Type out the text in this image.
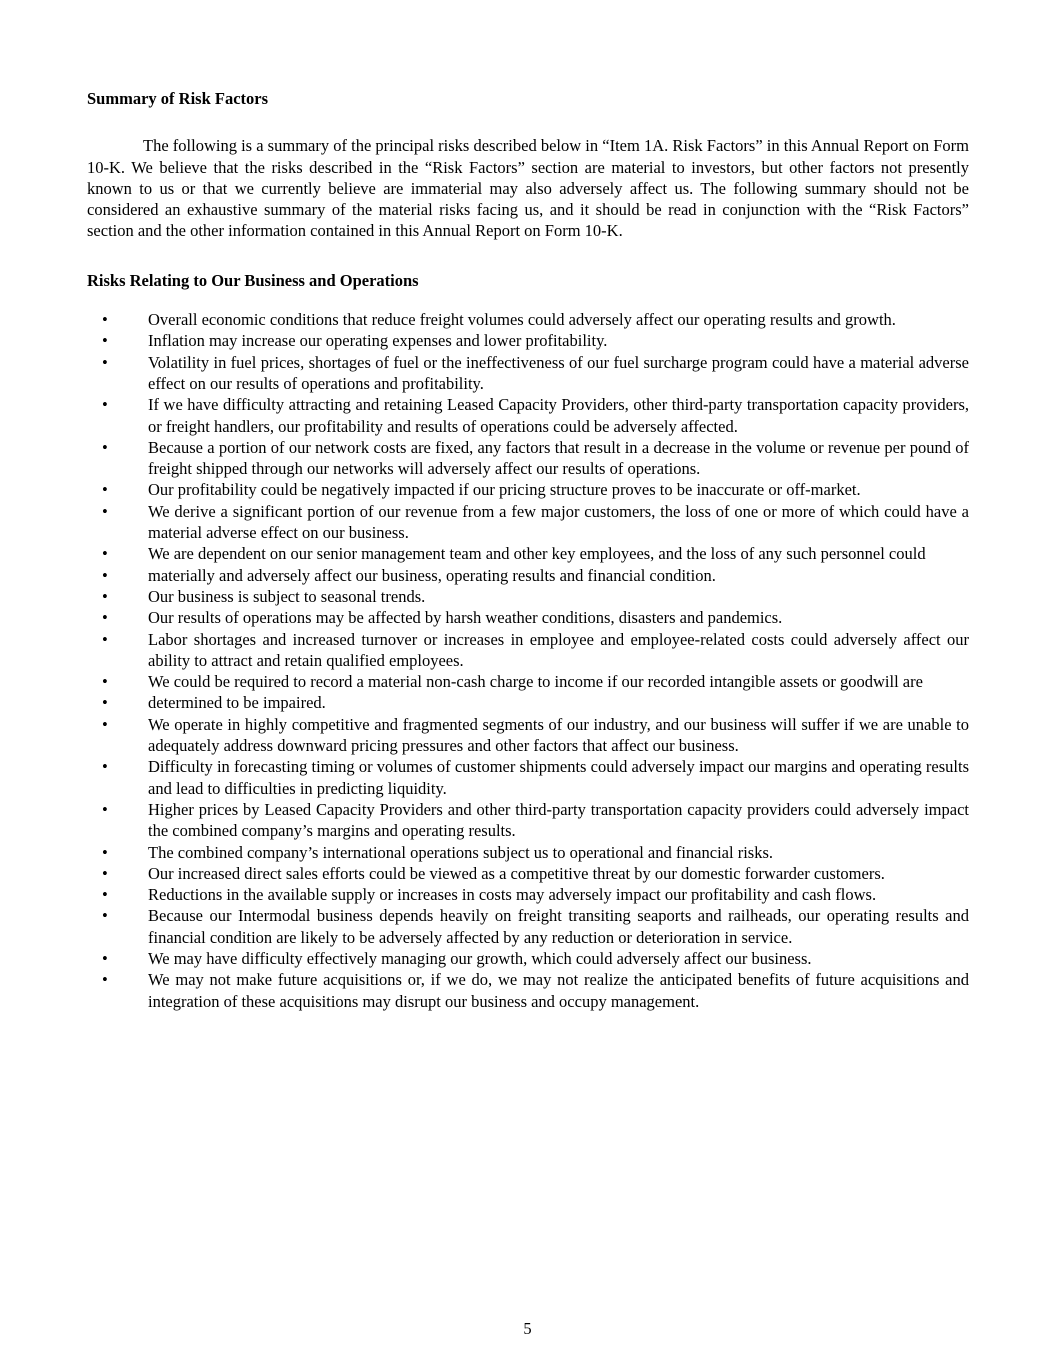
Summary of Risk Factors
The following is a summary of the principal risks described below in “Item 1A. Risk Factors” in this Annual Report on Form 10-K. We believe that the risks described in the “Risk Factors” section are material to investors, but other factors not presently known to us or that we currently believe are immaterial may also adversely affect us. The following summary should not be considered an exhaustive summary of the material risks facing us, and it should be read in conjunction with the “Risk Factors” section and the other information contained in this Annual Report on Form 10-K.
Risks Relating to Our Business and Operations
• Overall economic conditions that reduce freight volumes could adversely affect our operating results and growth.
• Inflation may increase our operating expenses and lower profitability.
• Volatility in fuel prices, shortages of fuel or the ineffectiveness of our fuel surcharge program could have a material adverse effect on our results of operations and profitability.
• If we have difficulty attracting and retaining Leased Capacity Providers, other third-party transportation capacity providers, or freight handlers, our profitability and results of operations could be adversely affected.
• Because a portion of our network costs are fixed, any factors that result in a decrease in the volume or revenue per pound of freight shipped through our networks will adversely affect our results of operations.
• Our profitability could be negatively impacted if our pricing structure proves to be inaccurate or off-market.
• We derive a significant portion of our revenue from a few major customers, the loss of one or more of which could have a material adverse effect on our business.
• We are dependent on our senior management team and other key employees, and the loss of any such personnel could
• materially and adversely affect our business, operating results and financial condition.
• Our business is subject to seasonal trends.
• Our results of operations may be affected by harsh weather conditions, disasters and pandemics.
• Labor shortages and increased turnover or increases in employee and employee-related costs could adversely affect our ability to attract and retain qualified employees.
• We could be required to record a material non-cash charge to income if our recorded intangible assets or goodwill are
• determined to be impaired.
• We operate in highly competitive and fragmented segments of our industry, and our business will suffer if we are unable to adequately address downward pricing pressures and other factors that affect our business.
• Difficulty in forecasting timing or volumes of customer shipments could adversely impact our margins and operating results and lead to difficulties in predicting liquidity.
• Higher prices by Leased Capacity Providers and other third-party transportation capacity providers could adversely impact the combined company’s margins and operating results.
• The combined company’s international operations subject us to operational and financial risks.
• Our increased direct sales efforts could be viewed as a competitive threat by our domestic forwarder customers.
• Reductions in the available supply or increases in costs may adversely impact our profitability and cash flows.
• Because our Intermodal business depends heavily on freight transiting seaports and railheads, our operating results and financial condition are likely to be adversely affected by any reduction or deterioration in service.
• We may have difficulty effectively managing our growth, which could adversely affect our business.
• We may not make future acquisitions or, if we do, we may not realize the anticipated benefits of future acquisitions and integration of these acquisitions may disrupt our business and occupy management.
5
